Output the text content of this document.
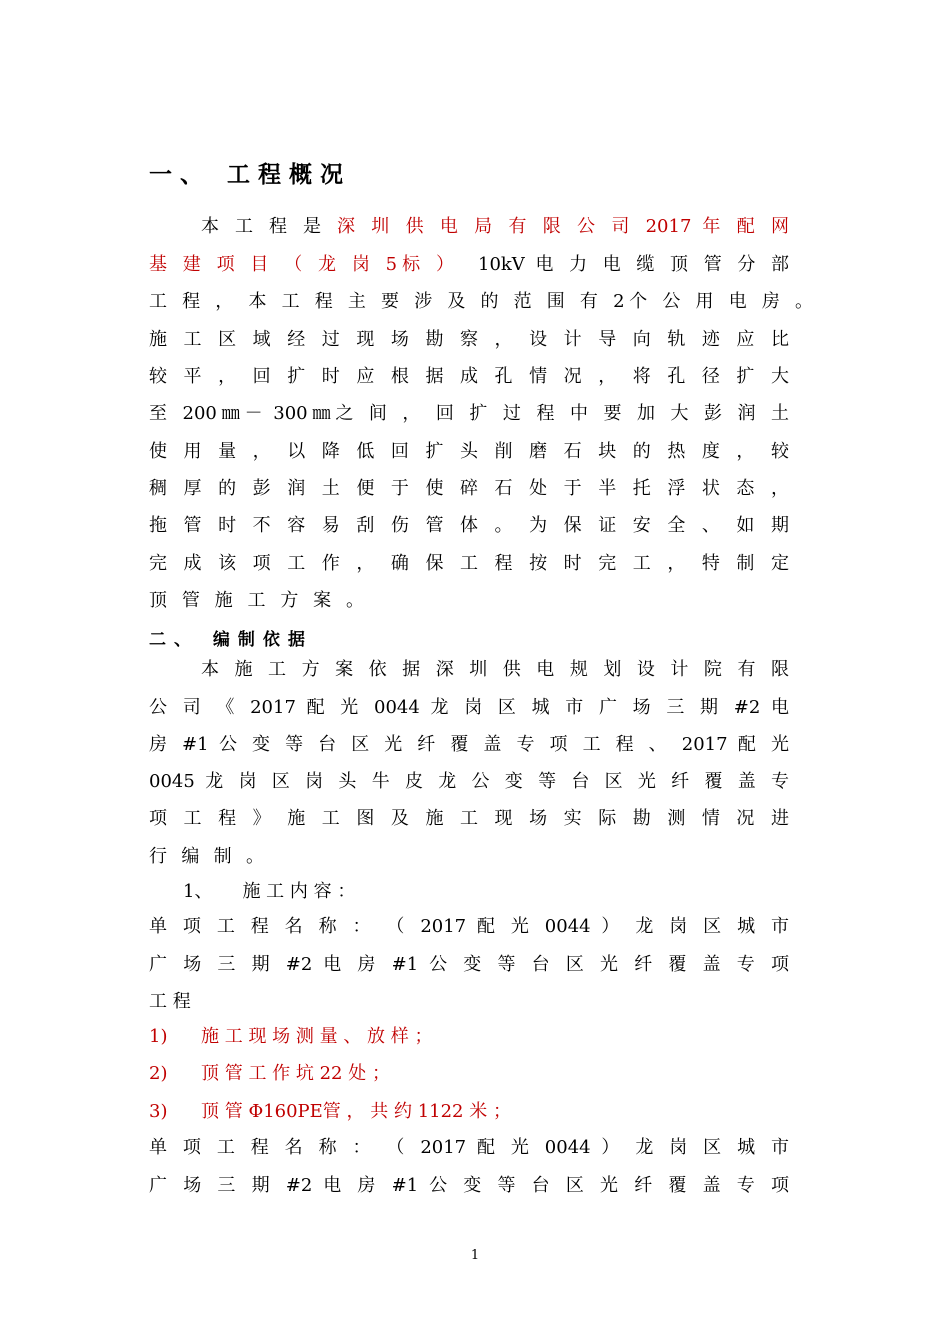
一、 工程概况
本 工 程 是 深 圳 供 电 局 有 限 公 司 2017 年 配 网
基 建 项 目 （ 龙 岗 5标 ） 10kV 电 力 电 缆 顶 管 分 部
工 程 ， 本 工 程 主 要 涉 及 的 范 围 有 2个 公 用 电 房 。
施 工 区 域 经 过 现 场 勘 察 ， 设 计 导 向 轨 迹 应 比
较 平 ， 回 扩 时 应 根 据 成 孔 情 况 ， 将 孔 径 扩 大
至 200㎜－ 300㎜之 间 ， 回 扩 过 程 中 要 加 大 彭 润 土
使 用 量 ， 以 降 低 回 扩 头 削 磨 石 块 的 热 度 ， 较
稠 厚 的 彭 润 土 便 于 使 碎 石 处 于 半 托 浮 状 态 ，
拖 管 时 不 容 易 刮 伤 管 体 。 为 保 证 安 全 、 如 期
完 成 该 项 工 作 ， 确 保 工 程 按 时 完 工 ， 特 制 定
顶 管 施 工 方 案 。
二、 编制依据
本 施 工 方 案 依 据 深 圳 供 电 规 划 设 计 院 有 限
公 司 《 2017 配 光 0044 龙 岗 区 城 市 广 场 三 期 #2 电
房 #1 公 变 等 台 区 光 纤 覆 盖 专 项 工 程 、 2017 配 光
0045 龙 岗 区 岗 头 牛 皮 龙 公 变 等 台 区 光 纤 覆 盖 专
项 工 程 》 施 工 图 及 施 工 现 场 实 际 勘 测 情 况 进
行 编 制 。
1、 施 工 内 容 ：
单 项 工 程 名 称 ： （ 2017 配 光 0044 ） 龙 岗 区 城 市
广 场 三 期 #2 电 房 #1 公 变 等 台 区 光 纤 覆 盖 专 项
工 程
1) 施 工 现 场 测 量 、 放 样 ；
2) 顶 管 工 作 坑 22 处 ；
3) 顶 管 Φ160PE管 ， 共 约 1122 米 ；
单 项 工 程 名 称 ： （ 2017 配 光 0044 ） 龙 岗 区 城 市
广 场 三 期 #2 电 房 #1 公 变 等 台 区 光 纤 覆 盖 专 项
1
